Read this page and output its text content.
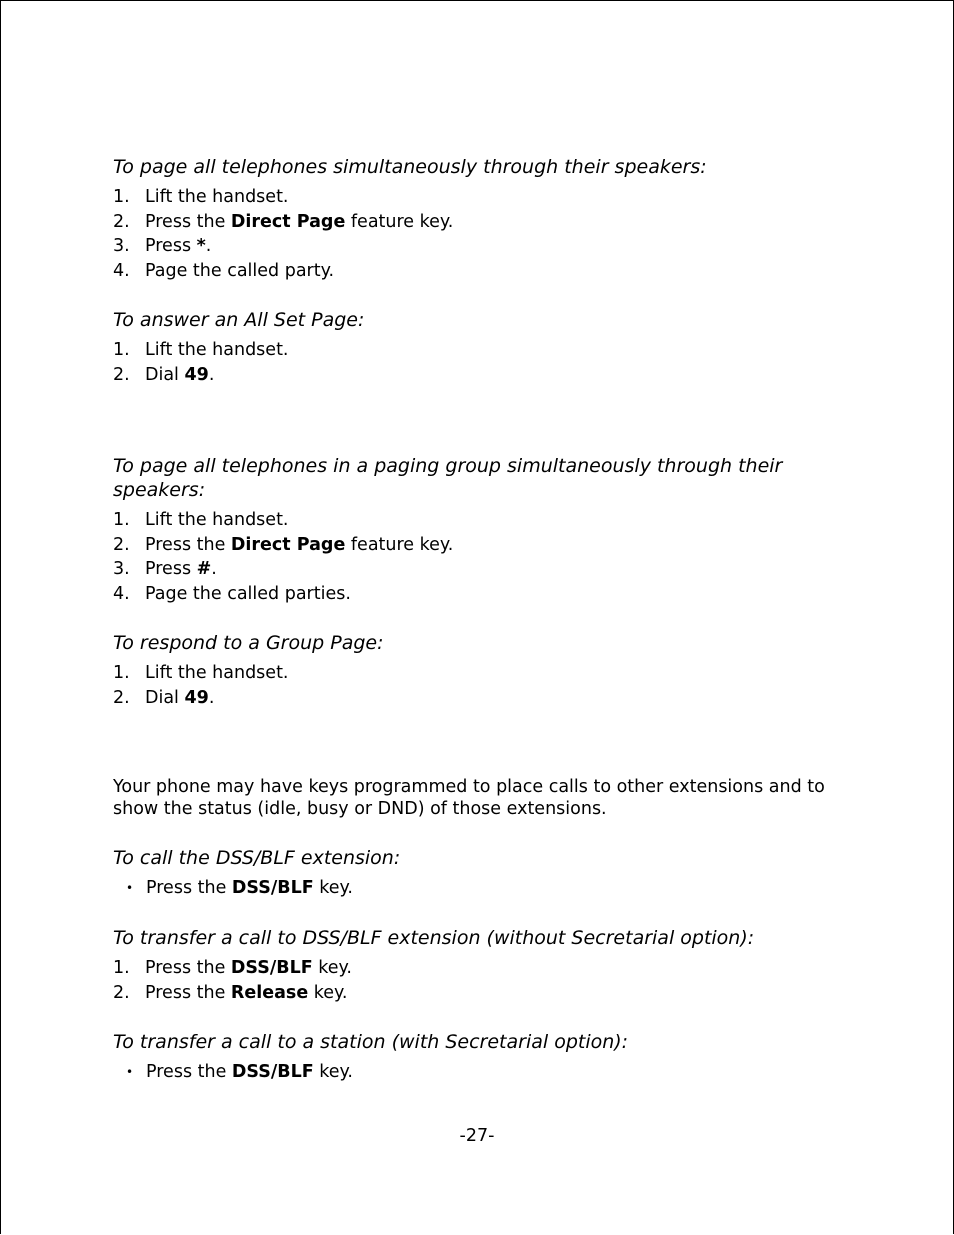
To page all telephones simultaneously through their speakers:
1. Lift the handset.
2. Press the Direct Page feature key.
3. Press *.
4. Page the called party.
To answer an All Set Page:
1. Lift the handset.
2. Dial 49.
To page all telephones in a paging group simultaneously through their speakers:
1. Lift the handset.
2. Press the Direct Page feature key.
3. Press #.
4. Page the called parties.
To respond to a Group Page:
1. Lift the handset.
2. Dial 49.

Your phone may have keys programmed to place calls to other extensions and to show the status (idle, busy or DND) of those extensions.

To call the DSS/BLF extension:
• Press the DSS/BLF key.
To transfer a call to DSS/BLF extension (without Secretarial option):
1. Press the DSS/BLF key.
2. Press the Release key.
To transfer a call to a station (with Secretarial option):
• Press the DSS/BLF key.
-27-
